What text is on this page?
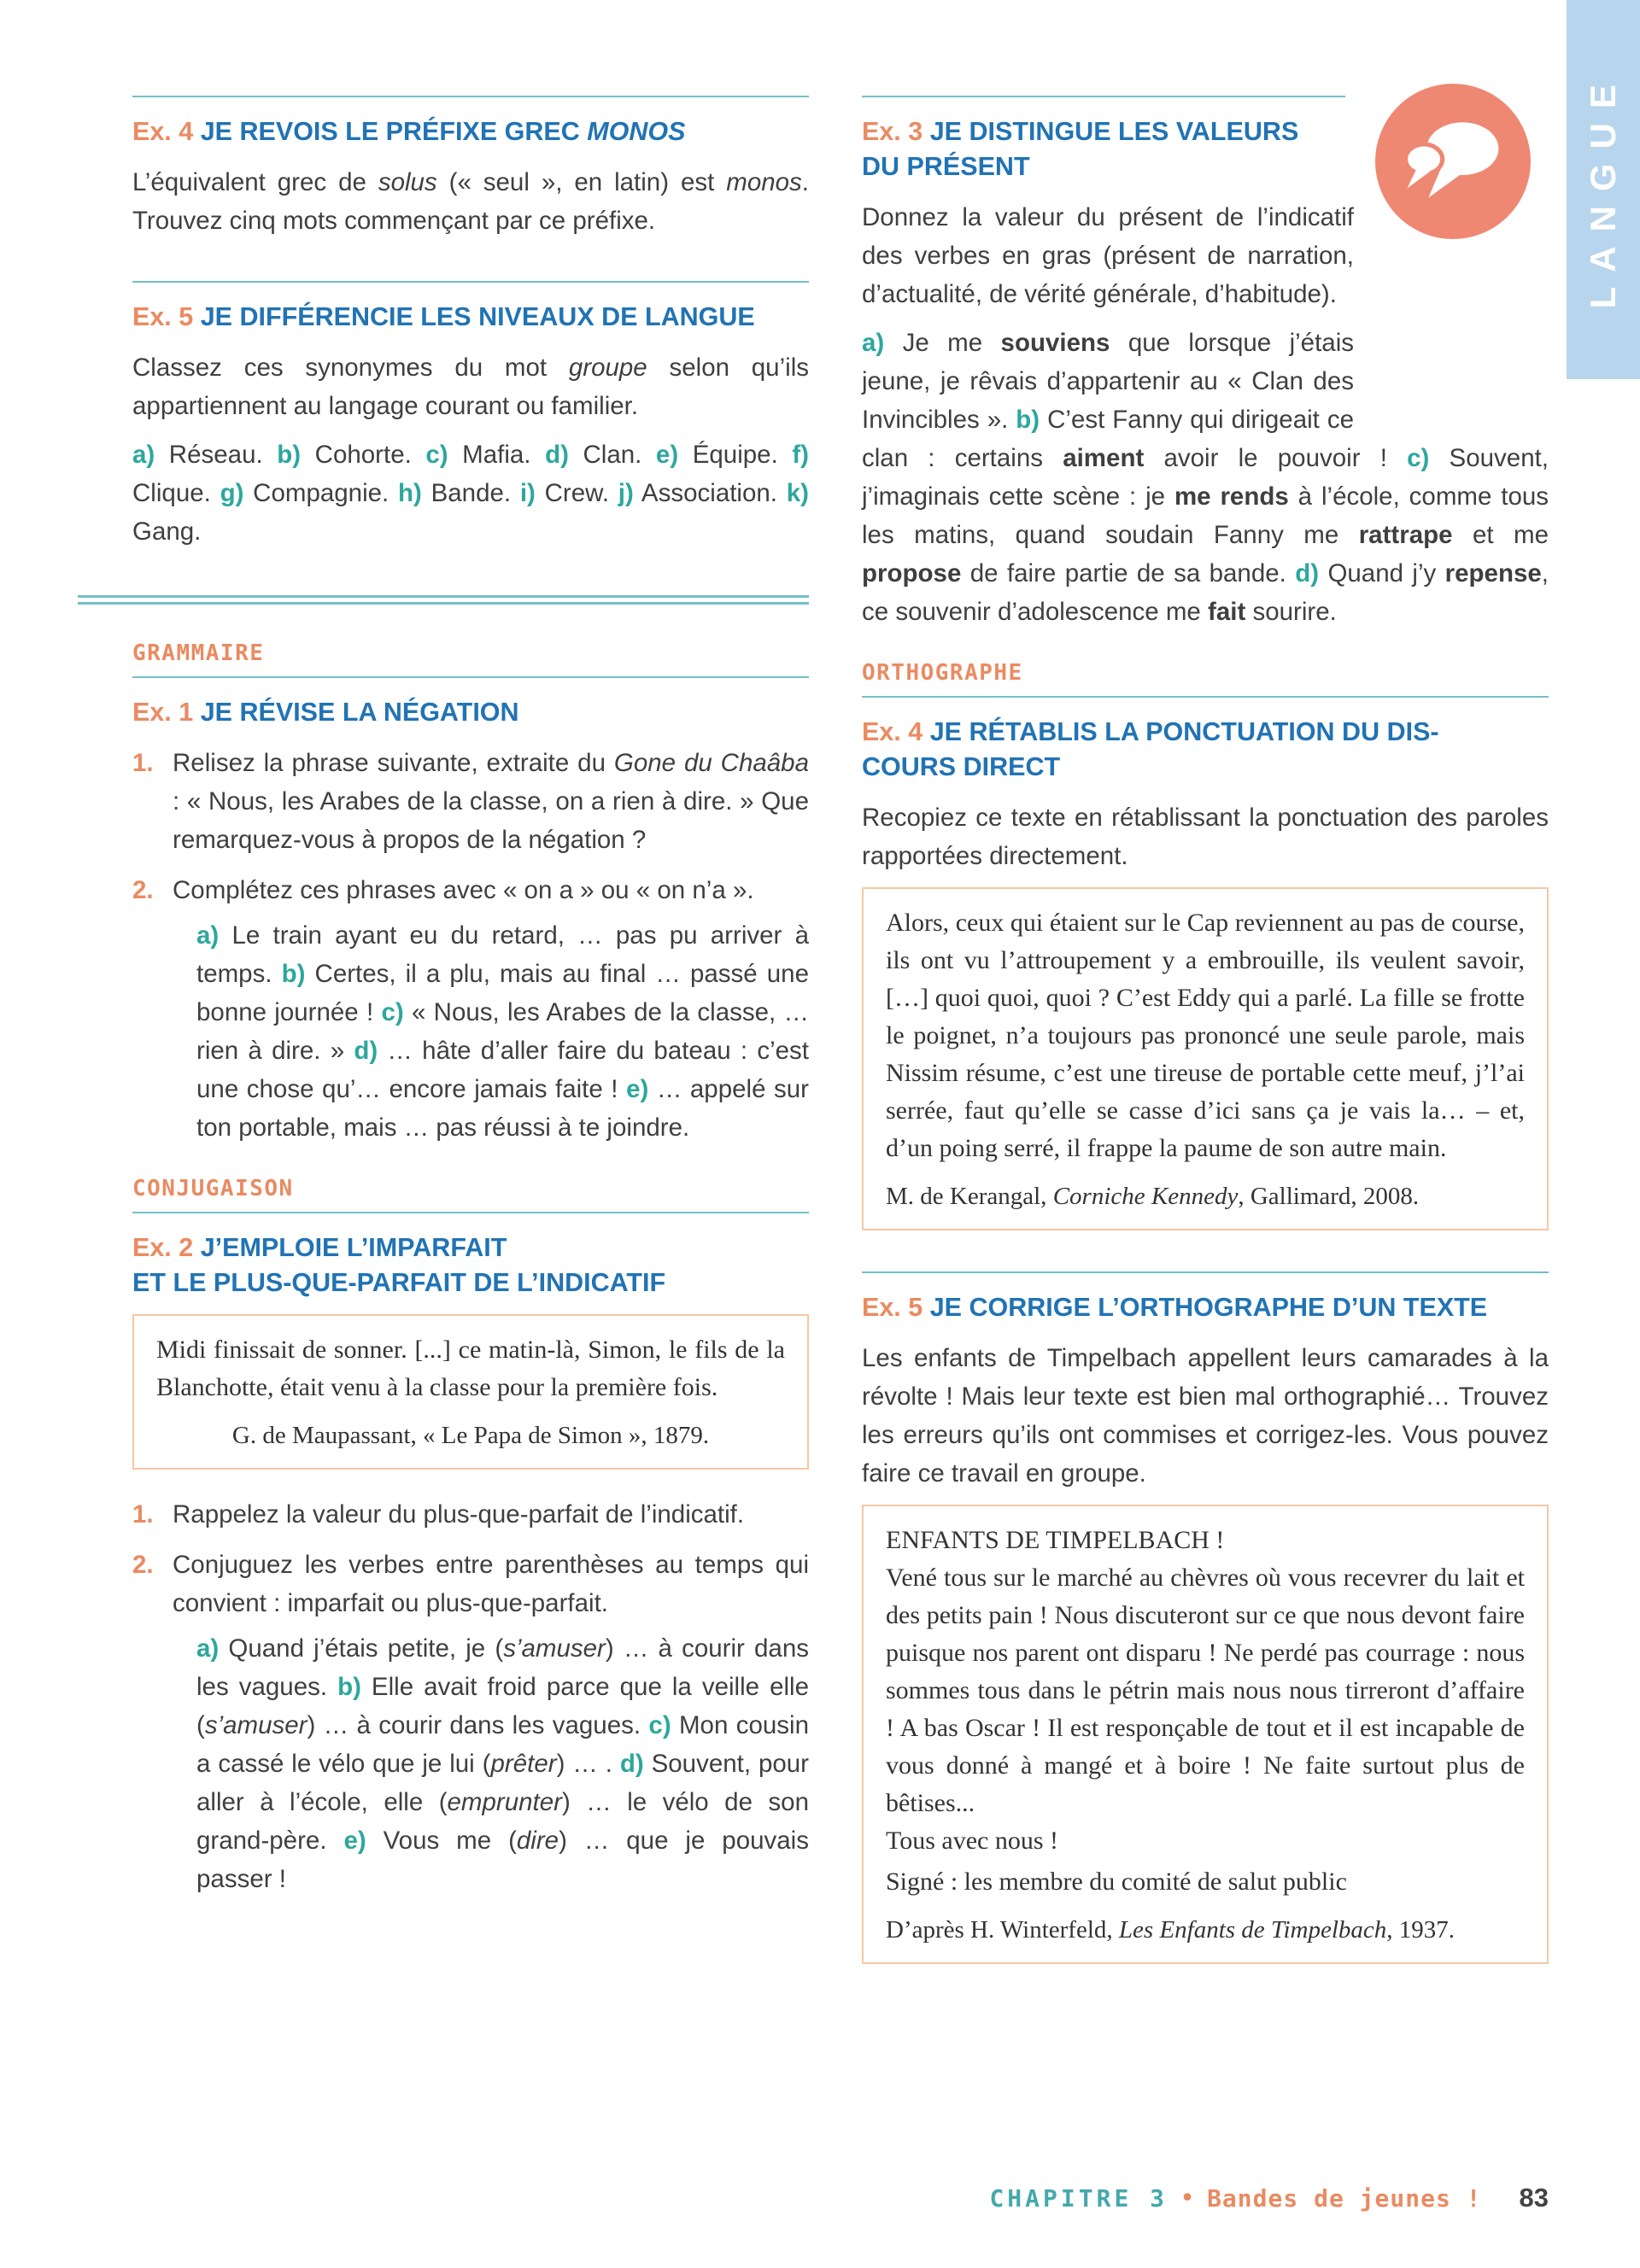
LANGUE
Ex. 4 JE REVOIS LE PRÉFIXE GREC MONOS

L’équivalent grec de solus (« seul », en latin) est monos. Trouvez cinq mots commençant par ce préfixe.

Ex. 5 JE DIFFÉRENCIE LES NIVEAUX DE LANGUE

Classez ces synonymes du mot groupe selon qu’ils appartiennent au langage courant ou familier.

a) Réseau. b) Cohorte. c) Mafia. d) Clan. e) Équipe. f) Clique. g) Compagnie. h) Bande. i) Crew. j) Association. k) Gang.

GRAMMAIRE
Ex. 1 JE RÉVISE LA NÉGATION
1. Relisez la phrase suivante, extraite du Gone du Chaâba : « Nous, les Arabes de la classe, on a rien à dire. » Que remarquez-vous à propos de la négation ?

2. Complétez ces phrases avec « on a » ou « on n’a ».

a) Le train ayant eu du retard, … pas pu arriver à temps. b) Certes, il a plu, mais au final … passé une bonne journée ! c) « Nous, les Arabes de la classe, … rien à dire. » d) … hâte d’aller faire du bateau : c’est une chose qu’… encore jamais faite ! e) … appelé sur ton portable, mais … pas réussi à te joindre.

CONJUGAISON
Ex. 2 J’EMPLOIE L’IMPARFAIT
ET LE PLUS-QUE-PARFAIT DE L’INDICATIF

Midi finissait de sonner. [...] ce matin-là, Simon, le fils de la Blanchotte, était venu à la classe pour la première fois.

G. de Maupassant, « Le Papa de Simon », 1879.

1. Rappelez la valeur du plus-que-parfait de l’indicatif.

2. Conjuguez les verbes entre parenthèses au temps qui convient : imparfait ou plus-que-parfait.

a) Quand j’étais petite, je (s’amuser) … à courir dans les vagues. b) Elle avait froid parce que la veille elle (s’amuser) … à courir dans les vagues. c) Mon cousin a cassé le vélo que je lui (prêter) … . d) Souvent, pour aller à l’école, elle (emprunter) … le vélo de son grand-père. e) Vous me (dire) … que je pouvais passer !

Ex. 3 JE DISTINGUE LES VALEURS
DU PRÉSENT

Donnez la valeur du présent de l’indicatif des verbes en gras (présent de narration, d’actualité, de vérité générale, d’habitude).

a) Je me souviens que lorsque j’étais jeune, je rêvais d’appartenir au « Clan des Invincibles ». b) C’est Fanny qui dirigeait ce clan : certains aiment avoir le pouvoir ! c) Souvent, j’imaginais cette scène : je me rends à l’école, comme tous les matins, quand soudain Fanny me rattrape et me propose de faire partie de sa bande. d) Quand j’y repense, ce souvenir d’adolescence me fait sourire.

ORTHOGRAPHE
Ex. 4 JE RÉTABLIS LA PONCTUATION DU DIS-
COURS DIRECT

Recopiez ce texte en rétablissant la ponctuation des paroles rapportées directement.

Alors, ceux qui étaient sur le Cap reviennent au pas de course, ils ont vu l’attroupement y a embrouille, ils veulent savoir, […] quoi quoi, quoi ? C’est Eddy qui a parlé. La fille se frotte le poignet, n’a toujours pas prononcé une seule parole, mais Nissim résume, c’est une tireuse de portable cette meuf, j’l’ai serrée, faut qu’elle se casse d’ici sans ça je vais la… – et, d’un poing serré, il frappe la paume de son autre main.

M. de Kerangal, Corniche Kennedy, Gallimard, 2008.

Ex. 5 JE CORRIGE L’ORTHOGRAPHE D’UN TEXTE

Les enfants de Timpelbach appellent leurs camarades à la révolte ! Mais leur texte est bien mal orthographié… Trouvez les erreurs qu’ils ont commises et corrigez-les. Vous pouvez faire ce travail en groupe.

ENFANTS DE TIMPELBACH !

Vené tous sur le marché au chèvres où vous recevrer du lait et des petits pain ! Nous discuteront sur ce que nous devont faire puisque nos parent ont disparu ! Ne perdé pas courrage : nous sommes tous dans le pétrin mais nous nous tirreront d’affaire ! A bas Oscar ! Il est responçable de tout et il est incapable de vous donné à mangé et à boire ! Ne faite surtout plus de bêtises...

Tous avec nous !

Signé : les membre du comité de salut public

D’après H. Winterfeld, Les Enfants de Timpelbach, 1937.

CHAPITRE 3 • Bandes de jeunes ! 83
